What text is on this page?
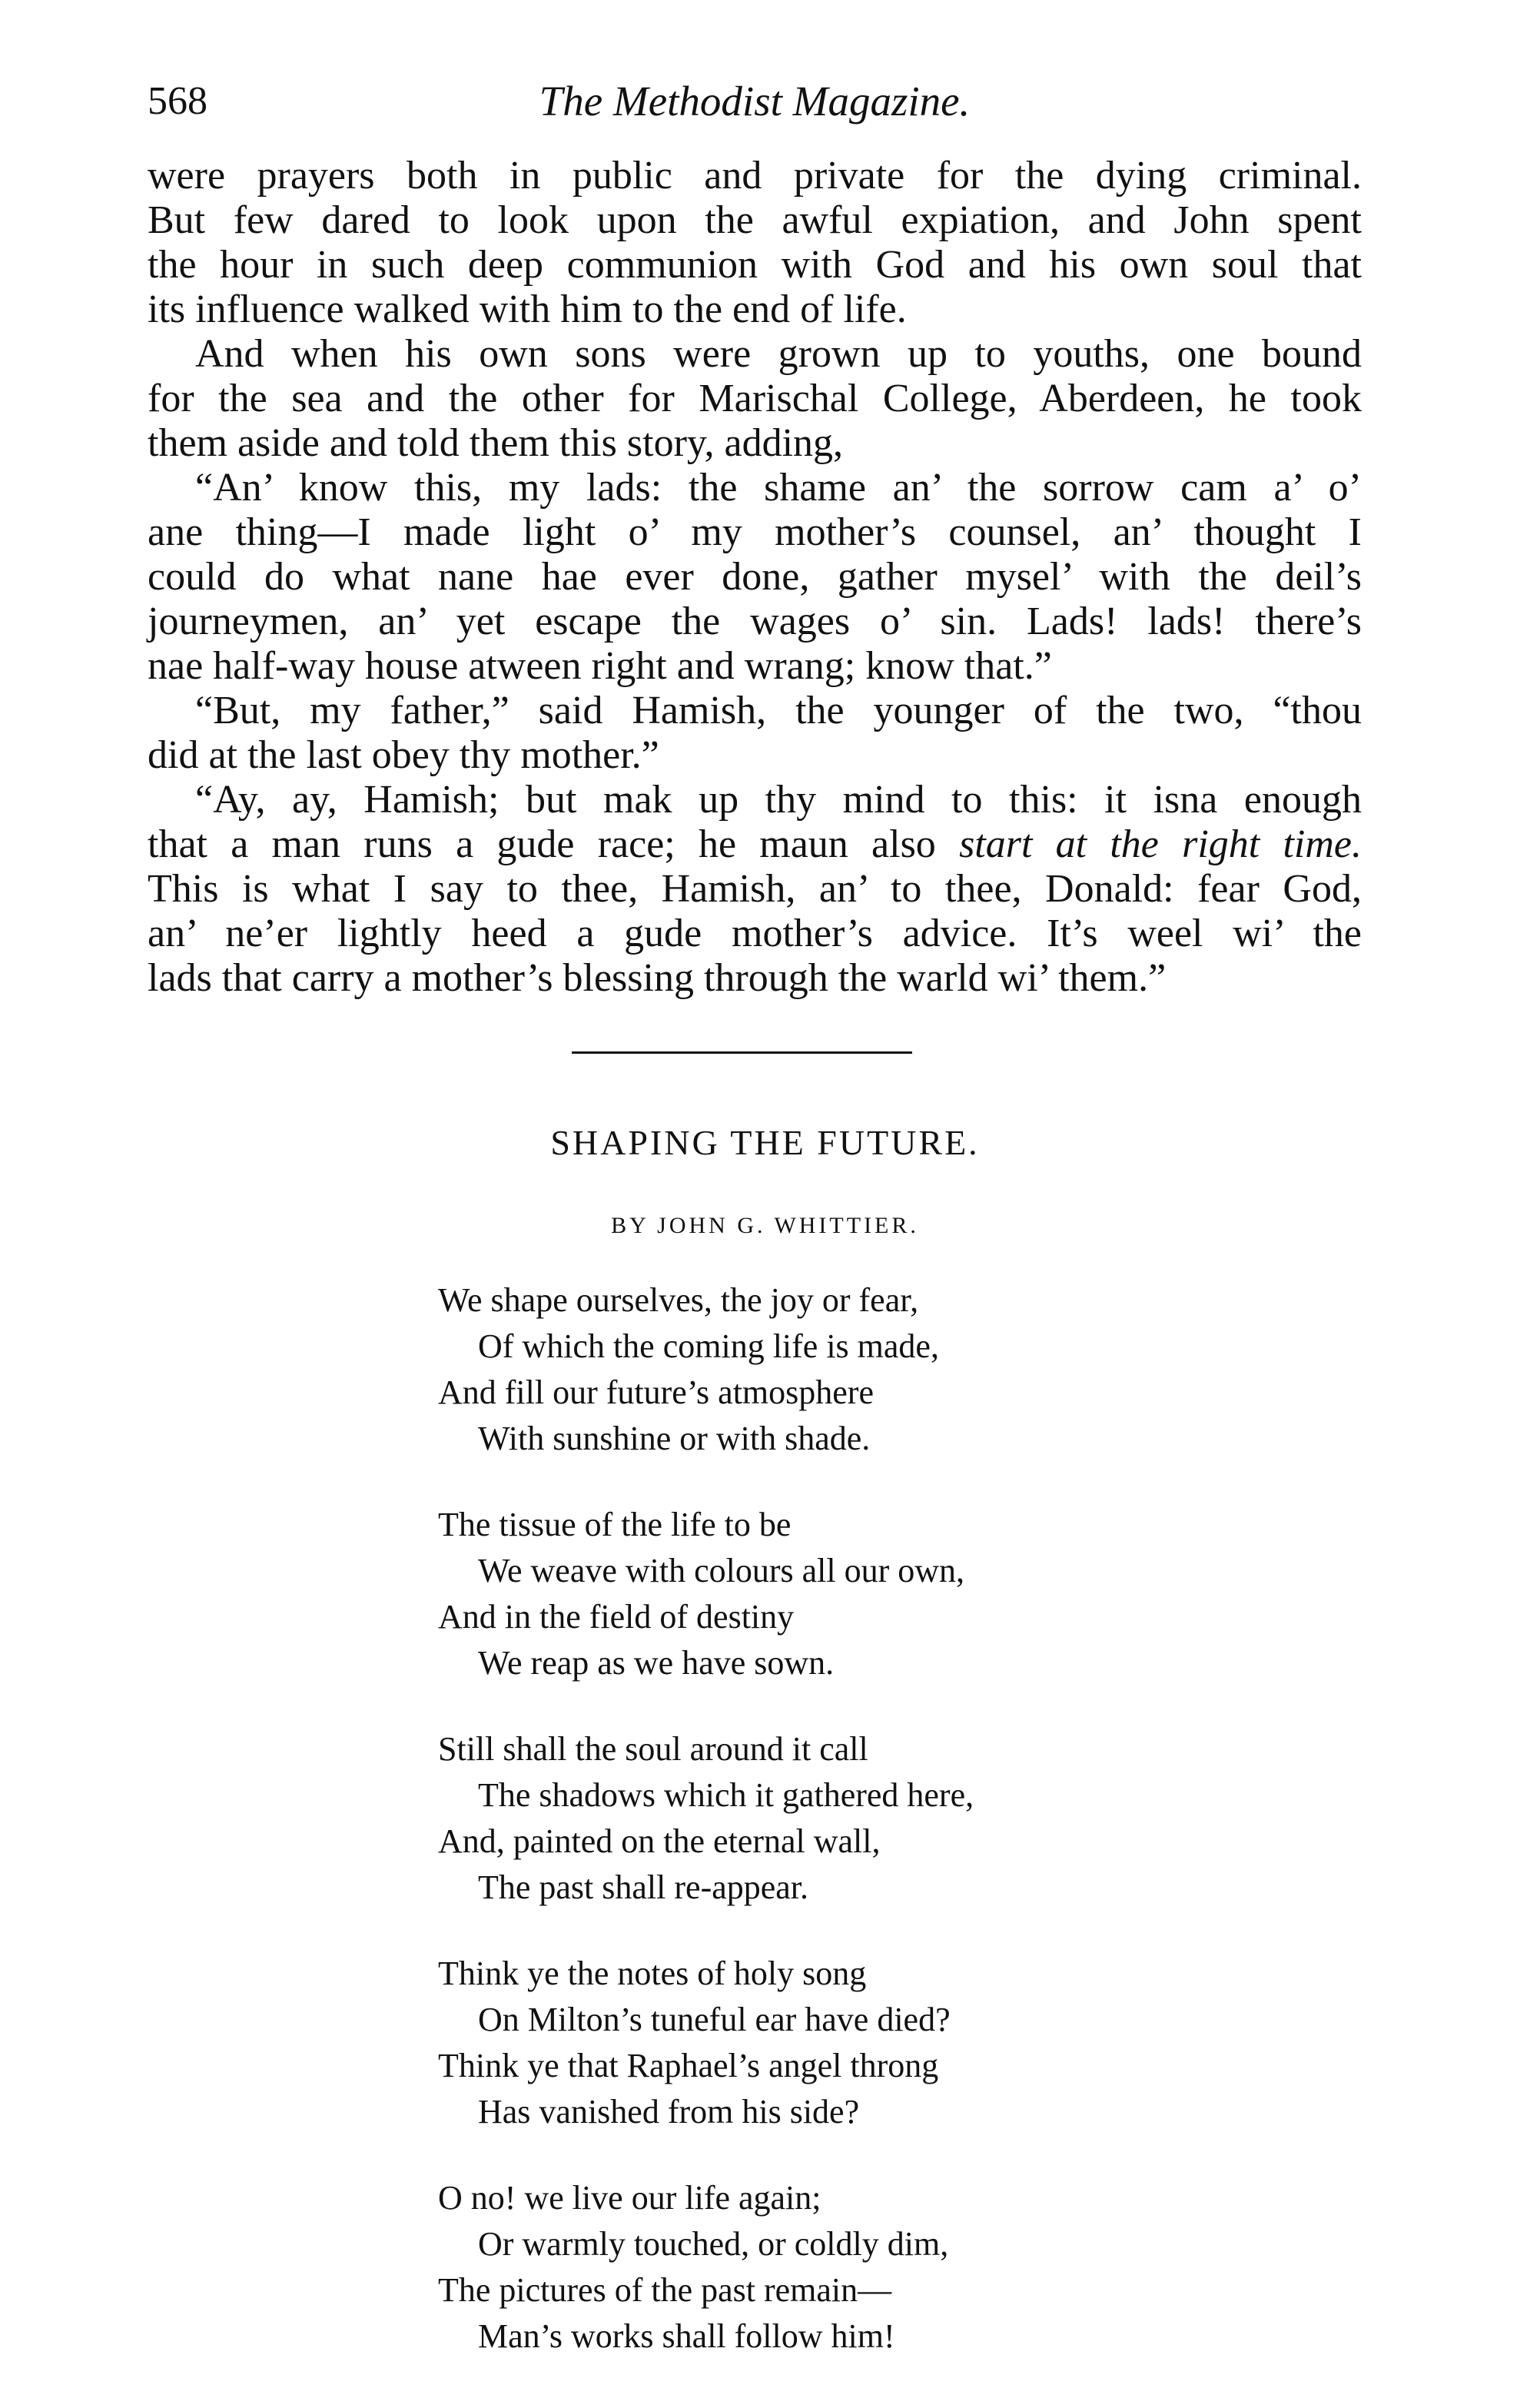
568	The Methodist Magazine.
were prayers both in public and private for the dying criminal.
But few dared to look upon the awful expiation, and John spent
the hour in such deep communion with God and his own soul that
its influence walked with him to the end of life.
And when his own sons were grown up to youths, one bound
for the sea and the other for Marischal College, Aberdeen, he took
them aside and told them this story, adding,
“An’ know this, my lads: the shame an’ the sorrow cam a’ o’
ane thing—I made light o’ my mother’s counsel, an’ thought I
could do what nane hae ever done, gather mysel’ with the deil’s
journeymen, an’ yet escape the wages o’ sin. Lads! lads! there’s
nae half-way house atween right and wrang; know that.”
“But, my father,” said Hamish, the younger of the two, “thou
did at the last obey thy mother.”
“Ay, ay, Hamish; but mak up thy mind to this: it isna enough
that a man runs a gude race; he maun also start at the right time.
This is what I say to thee, Hamish, an’ to thee, Donald: fear God,
an’ ne’er lightly heed a gude mother’s advice. It’s weel wi’ the
lads that carry a mother’s blessing through the warld wi’ them.”
SHAPING THE FUTURE.
BY JOHN G. WHITTIER.
We shape ourselves, the joy or fear,
Of which the coming life is made,
And fill our future’s atmosphere
With sunshine or with shade.
The tissue of the life to be
We weave with colours all our own,
And in the field of destiny
We reap as we have sown.
Still shall the soul around it call
The shadows which it gathered here,
And, painted on the eternal wall,
The past shall re-appear.
Think ye the notes of holy song
On Milton’s tuneful ear have died?
Think ye that Raphael’s angel throng
Has vanished from his side?
O no! we live our life again;
Or warmly touched, or coldly dim,
The pictures of the past remain—
Man’s works shall follow him!
